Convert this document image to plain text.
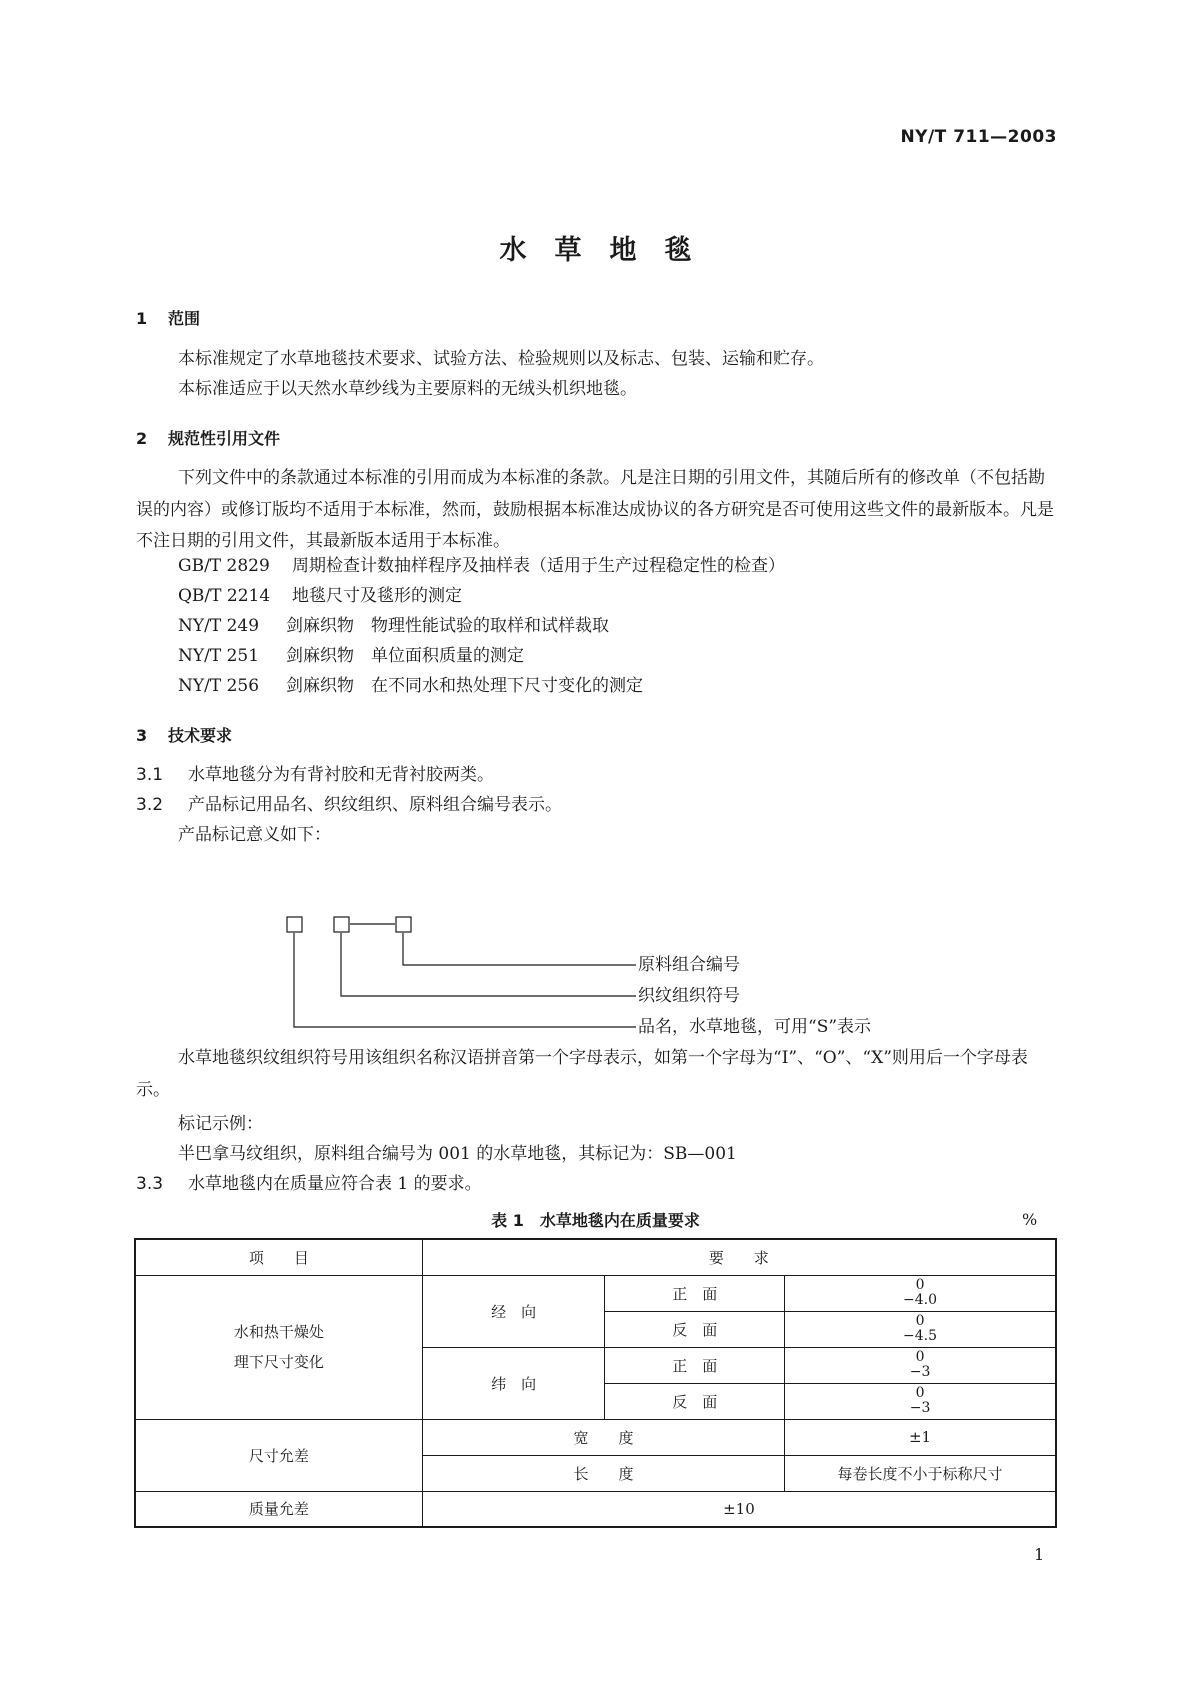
NY/T 711—2003
水草地毯
1 范围
本标准规定了水草地毯技术要求、试验方法、检验规则以及标志、包装、运输和贮存。
本标准适应于以天然水草纱线为主要原料的无绒头机织地毯。
2 规范性引用文件
下列文件中的条款通过本标准的引用而成为本标准的条款。凡是注日期的引用文件，其随后所有的修改单（不包括勘误的内容）或修订版均不适用于本标准，然而，鼓励根据本标准达成协议的各方研究是否可使用这些文件的最新版本。凡是不注日期的引用文件，其最新版本适用于本标准。
GB/T 2829 周期检查计数抽样程序及抽样表（适用于生产过程稳定性的检查）
QB/T 2214 地毯尺寸及毯形的测定
NY/T 249 剑麻织物　物理性能试验的取样和试样裁取
NY/T 251 剑麻织物　单位面积质量的测定
NY/T 256 剑麻织物　在不同水和热处理下尺寸变化的测定
3 技术要求
3.1 水草地毯分为有背衬胶和无背衬胶两类。
3.2 产品标记用品名、织纹组织、原料组合编号表示。
产品标记意义如下：
原料组合编号
织纹组织符号
品名，水草地毯，可用“S”表示
水草地毯织纹组织符号用该组织名称汉语拼音第一个字母表示，如第一个字母为“I”、“O”、“X”则用后一个字母表示。
标记示例：
半巴拿马纹组织，原料组合编号为 001 的水草地毯，其标记为：SB—001
3.3 水草地毯内在质量应符合表 1 的要求。
表 1　水草地毯内在质量要求	%
项　　目	要　　求		
水和热干燥处
理下尺寸变化	经　向	正　面	0
−4.0
		反　面	0
−4.5
	纬　向	正　面	0
−3
		反　面	0
−3
尺寸允差	宽　　度		±1
	长　　度		每卷长度不小于标称尺寸
质量允差	±10		
1
